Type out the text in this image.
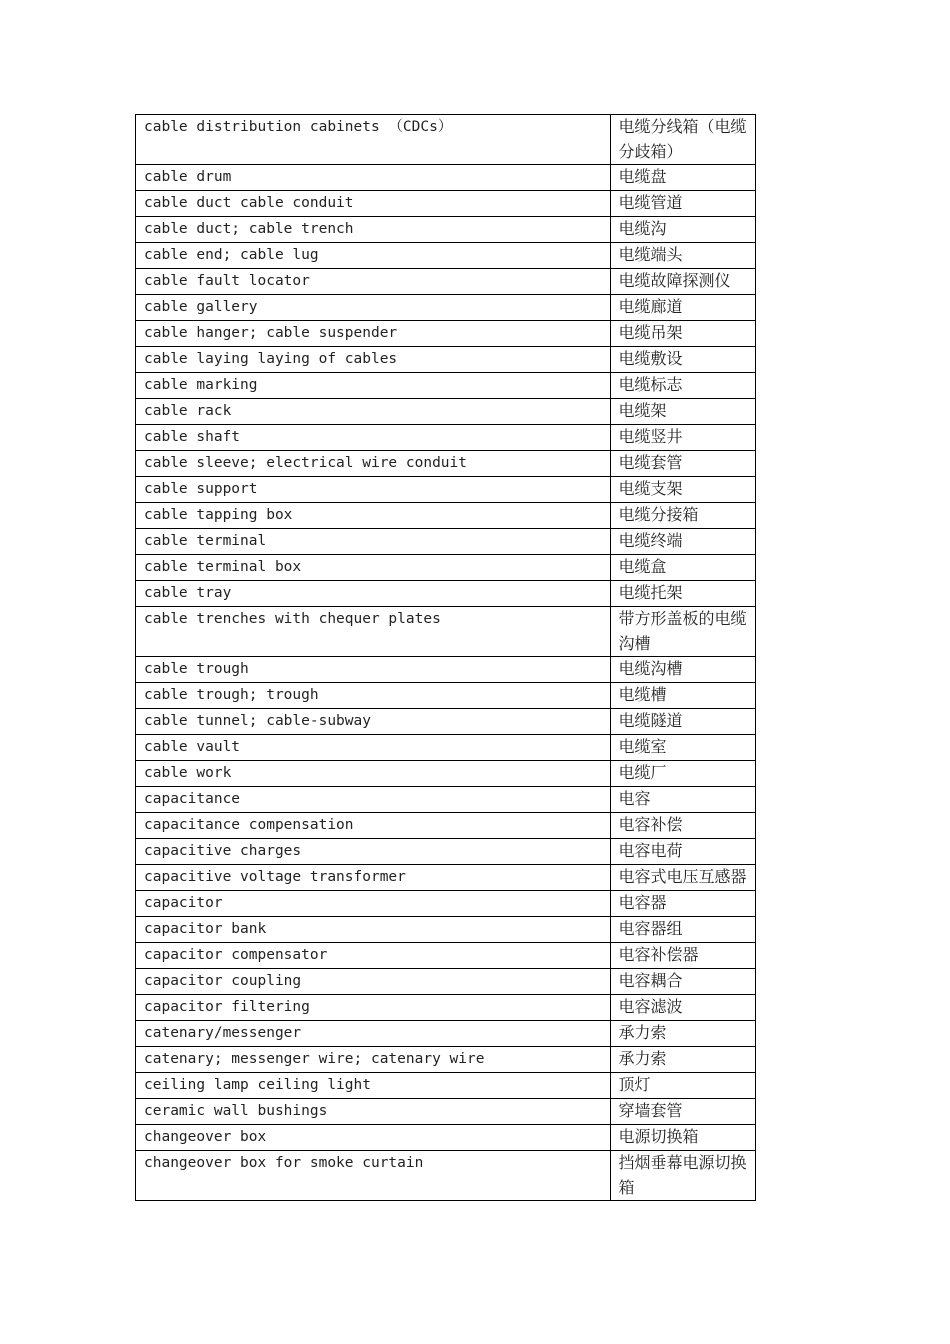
cable distribution cabinets （CDCs）	电缆分线箱（电缆分歧箱）
cable drum	电缆盘
cable duct cable conduit	电缆管道
cable duct; cable trench	电缆沟
cable end; cable lug	电缆端头
cable fault locator	电缆故障探测仪
cable gallery	电缆廊道
cable hanger; cable suspender	电缆吊架
cable laying laying of cables	电缆敷设
cable marking	电缆标志
cable rack	电缆架
cable shaft	电缆竖井
cable sleeve; electrical wire conduit	电缆套管
cable support	电缆支架
cable tapping box	电缆分接箱
cable terminal	电缆终端
cable terminal box	电缆盒
cable tray	电缆托架
cable trenches with chequer plates	带方形盖板的电缆沟槽
cable trough	电缆沟槽
cable trough; trough	电缆槽
cable tunnel; cable-subway	电缆隧道
cable vault	电缆室
cable work	电缆厂
capacitance	电容
capacitance compensation	电容补偿
capacitive charges	电容电荷
capacitive voltage transformer	电容式电压互感器
capacitor	电容器
capacitor bank	电容器组
capacitor compensator	电容补偿器
capacitor coupling	电容耦合
capacitor filtering	电容滤波
catenary/messenger	承力索
catenary; messenger wire; catenary wire	承力索
ceiling lamp ceiling light	顶灯
ceramic wall bushings	穿墙套管
changeover box	电源切换箱
changeover box for smoke curtain	挡烟垂幕电源切换箱
